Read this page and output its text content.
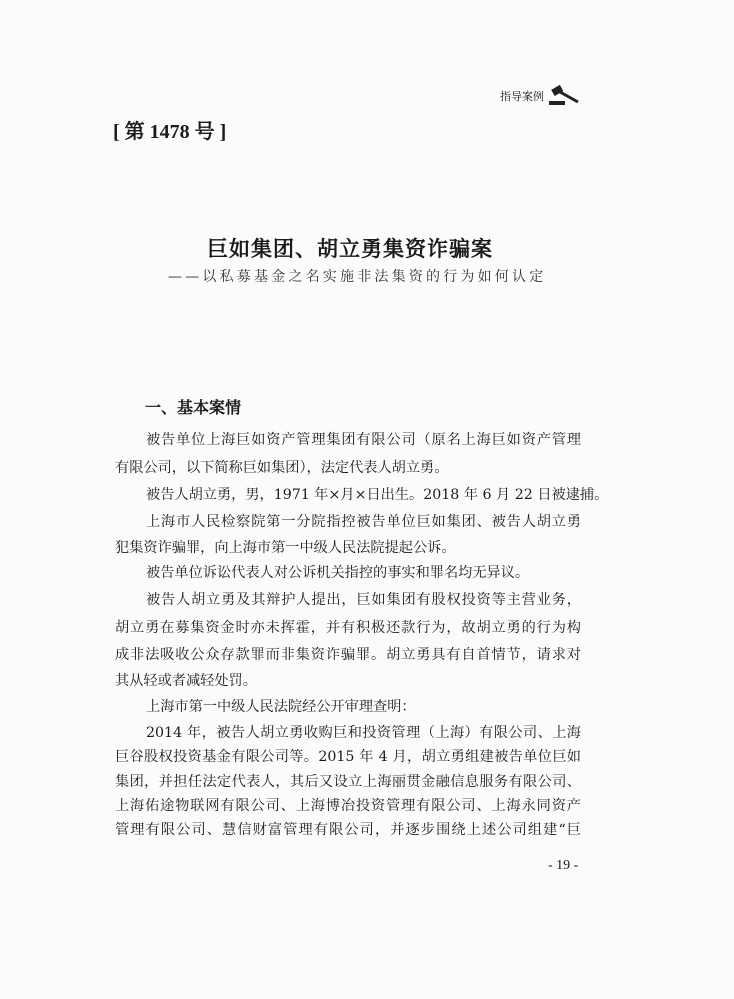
指导案例
[ 第 1478 号 ]
巨如集团、胡立勇集资诈骗案
——以私募基金之名实施非法集资的行为如何认定
一、基本案情
被告单位上海巨如资产管理集团有限公司（原名上海巨如资产管理
有限公司，以下简称巨如集团），法定代表人胡立勇。
被告人胡立勇，男，1971 年×月×日出生。2018 年 6 月 22 日被逮捕。
上海市人民检察院第一分院指控被告单位巨如集团、被告人胡立勇
犯集资诈骗罪，向上海市第一中级人民法院提起公诉。
被告单位诉讼代表人对公诉机关指控的事实和罪名均无异议。
被告人胡立勇及其辩护人提出，巨如集团有股权投资等主营业务，
胡立勇在募集资金时亦未挥霍，并有积极还款行为，故胡立勇的行为构
成非法吸收公众存款罪而非集资诈骗罪。胡立勇具有自首情节，请求对
其从轻或者减轻处罚。
上海市第一中级人民法院经公开审理查明：
2014 年，被告人胡立勇收购巨和投资管理（上海）有限公司、上海
巨谷股权投资基金有限公司等。2015 年 4 月，胡立勇组建被告单位巨如
集团，并担任法定代表人，其后又设立上海丽贯金融信息服务有限公司、
上海佑途物联网有限公司、上海博冶投资管理有限公司、上海永同资产
管理有限公司、慧信财富管理有限公司，并逐步围绕上述公司组建“巨
- 19 -
